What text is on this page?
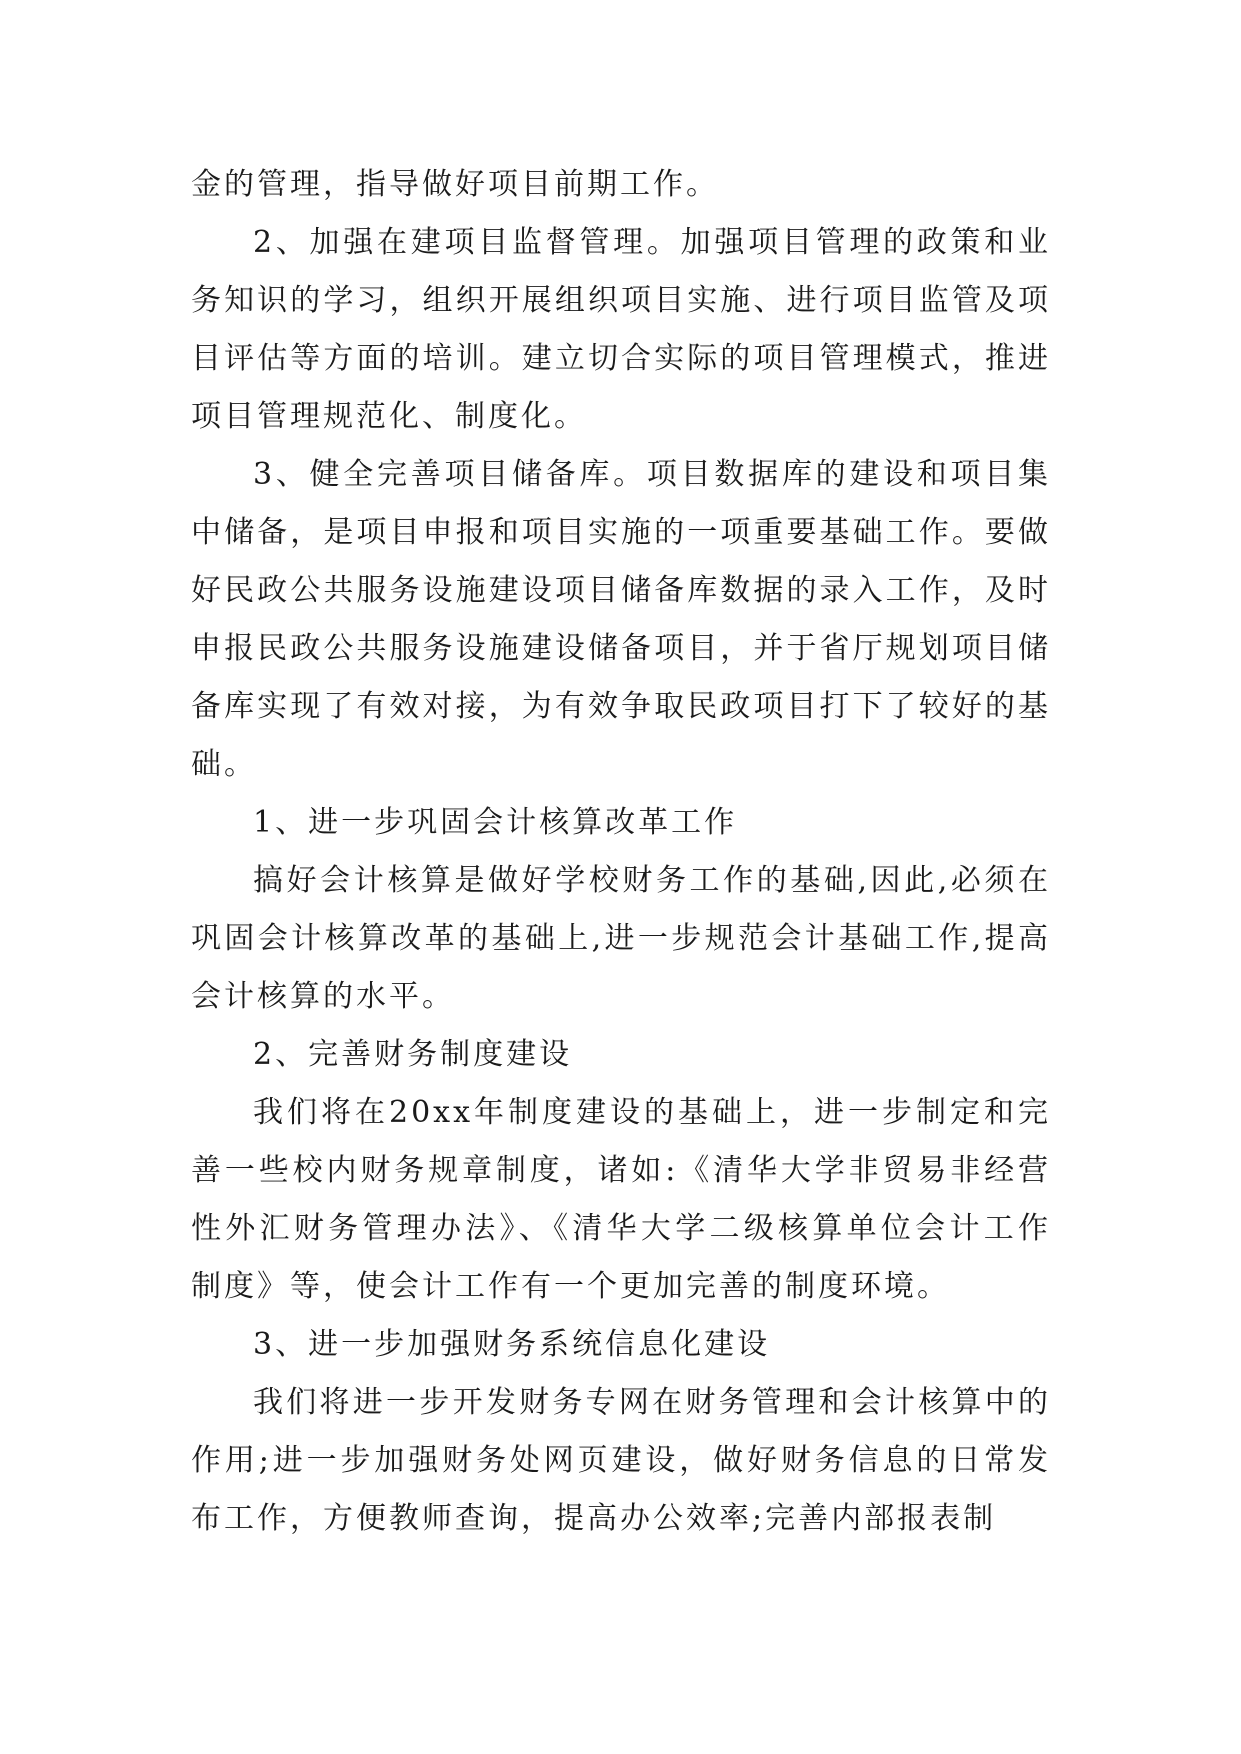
金的管理，指导做好项目前期工作。

2、加强在建项目监督管理。加强项目管理的政策和业务知识的学习，组织开展组织项目实施、进行项目监管及项目评估等方面的培训。建立切合实际的项目管理模式，推进项目管理规范化、制度化。

3、健全完善项目储备库。项目数据库的建设和项目集中储备，是项目申报和项目实施的一项重要基础工作。要做好民政公共服务设施建设项目储备库数据的录入工作，及时申报民政公共服务设施建设储备项目，并于省厅规划项目储备库实现了有效对接，为有效争取民政项目打下了较好的基础。

1、进一步巩固会计核算改革工作

搞好会计核算是做好学校财务工作的基础,因此,必须在巩固会计核算改革的基础上,进一步规范会计基础工作,提高会计核算的水平。

2、完善财务制度建设

我们将在20xx年制度建设的基础上，进一步制定和完善一些校内财务规章制度，诸如:《清华大学非贸易非经营性外汇财务管理办法》、《清华大学二级核算单位会计工作制度》等，使会计工作有一个更加完善的制度环境。

3、进一步加强财务系统信息化建设

我们将进一步开发财务专网在财务管理和会计核算中的作用;进一步加强财务处网页建设，做好财务信息的日常发布工作，方便教师查询，提高办公效率;完善内部报表制
